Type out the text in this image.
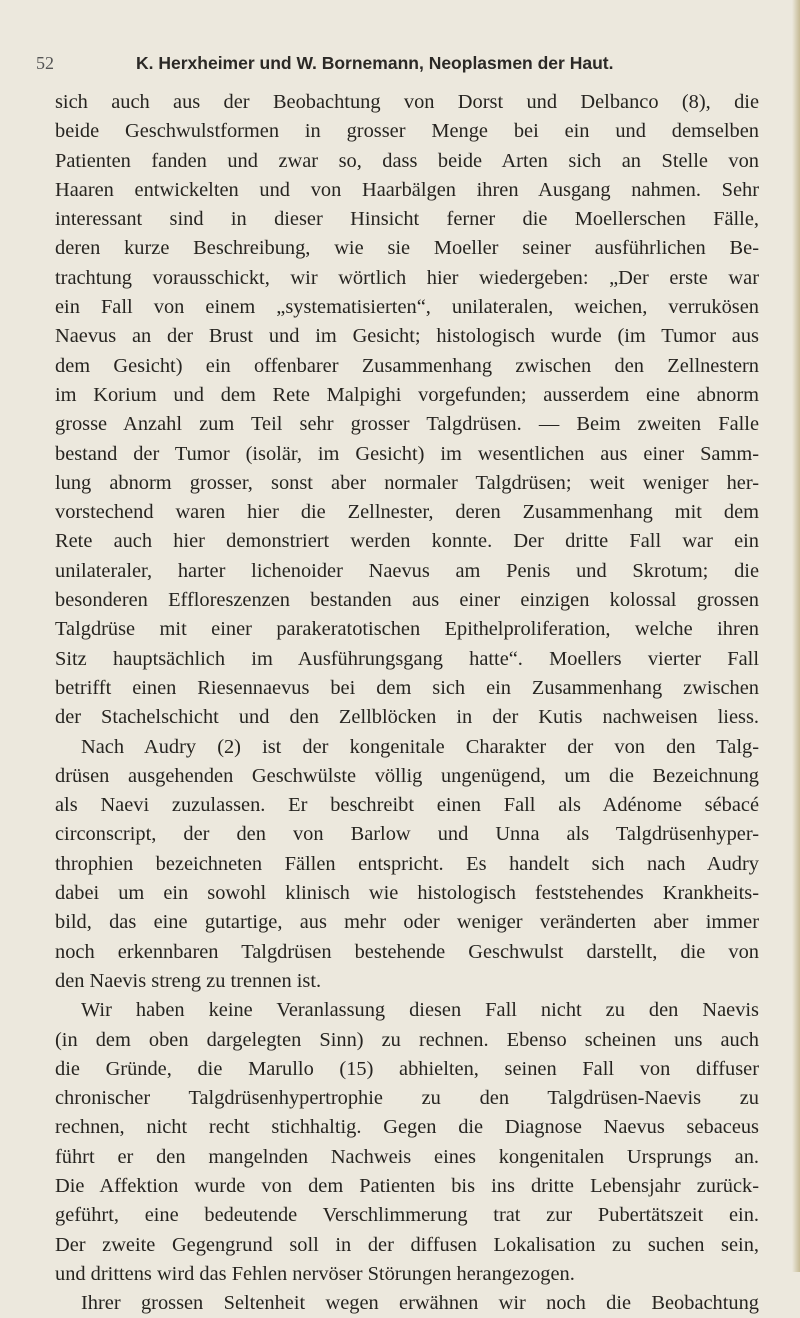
52	K. Herxheimer und W. Bornemann, Neoplasmen der Haut.
sich auch aus der Beobachtung von Dorst und Delbanco (8), die
beide Geschwulstformen in grosser Menge bei ein und demselben
Patienten fanden und zwar so, dass beide Arten sich an Stelle von
Haaren entwickelten und von Haarbälgen ihren Ausgang nahmen. Sehr
interessant sind in dieser Hinsicht ferner die Moellerschen Fälle,
deren kurze Beschreibung, wie sie Moeller seiner ausführlichen Be-
trachtung vorausschickt, wir wörtlich hier wiedergeben: „Der erste war
ein Fall von einem „systematisierten“, unilateralen, weichen, verrukösen
Naevus an der Brust und im Gesicht; histologisch wurde (im Tumor aus
dem Gesicht) ein offenbarer Zusammenhang zwischen den Zellnestern
im Korium und dem Rete Malpighi vorgefunden; ausserdem eine abnorm
grosse Anzahl zum Teil sehr grosser Talgdrüsen. — Beim zweiten Falle
bestand der Tumor (isolär, im Gesicht) im wesentlichen aus einer Samm-
lung abnorm grosser, sonst aber normaler Talgdrüsen; weit weniger her-
vorstechend waren hier die Zellnester, deren Zusammenhang mit dem
Rete auch hier demonstriert werden konnte. Der dritte Fall war ein
unilateraler, harter lichenoider Naevus am Penis und Skrotum; die
besonderen Effloreszenzen bestanden aus einer einzigen kolossal grossen
Talgdrüse mit einer parakeratotischen Epithelproliferation, welche ihren
Sitz hauptsächlich im Ausführungsgang hatte“. Moellers vierter Fall
betrifft einen Riesennaevus bei dem sich ein Zusammenhang zwischen
der Stachelschicht und den Zellblöcken in der Kutis nachweisen liess.
Nach Audry (2) ist der kongenitale Charakter der von den Talg-
drüsen ausgehenden Geschwülste völlig ungenügend, um die Bezeichnung
als Naevi zuzulassen. Er beschreibt einen Fall als Adénome sébacé
circonscript, der den von Barlow und Unna als Talgdrüsenhyper-
throphien bezeichneten Fällen entspricht. Es handelt sich nach Audry
dabei um ein sowohl klinisch wie histologisch feststehendes Krankheits-
bild, das eine gutartige, aus mehr oder weniger veränderten aber immer
noch erkennbaren Talgdrüsen bestehende Geschwulst darstellt, die von
den Naevis streng zu trennen ist.
Wir haben keine Veranlassung diesen Fall nicht zu den Naevis
(in dem oben dargelegten Sinn) zu rechnen. Ebenso scheinen uns auch
die Gründe, die Marullo (15) abhielten, seinen Fall von diffuser
chronischer Talgdrüsenhypertrophie zu den Talgdrüsen-Naevis zu
rechnen, nicht recht stichhaltig. Gegen die Diagnose Naevus sebaceus
führt er den mangelnden Nachweis eines kongenitalen Ursprungs an.
Die Affektion wurde von dem Patienten bis ins dritte Lebensjahr zurück-
geführt, eine bedeutende Verschlimmerung trat zur Pubertätszeit ein.
Der zweite Gegengrund soll in der diffusen Lokalisation zu suchen sein,
und drittens wird das Fehlen nervöser Störungen herangezogen.
Ihrer grossen Seltenheit wegen erwähnen wir noch die Beobachtung
